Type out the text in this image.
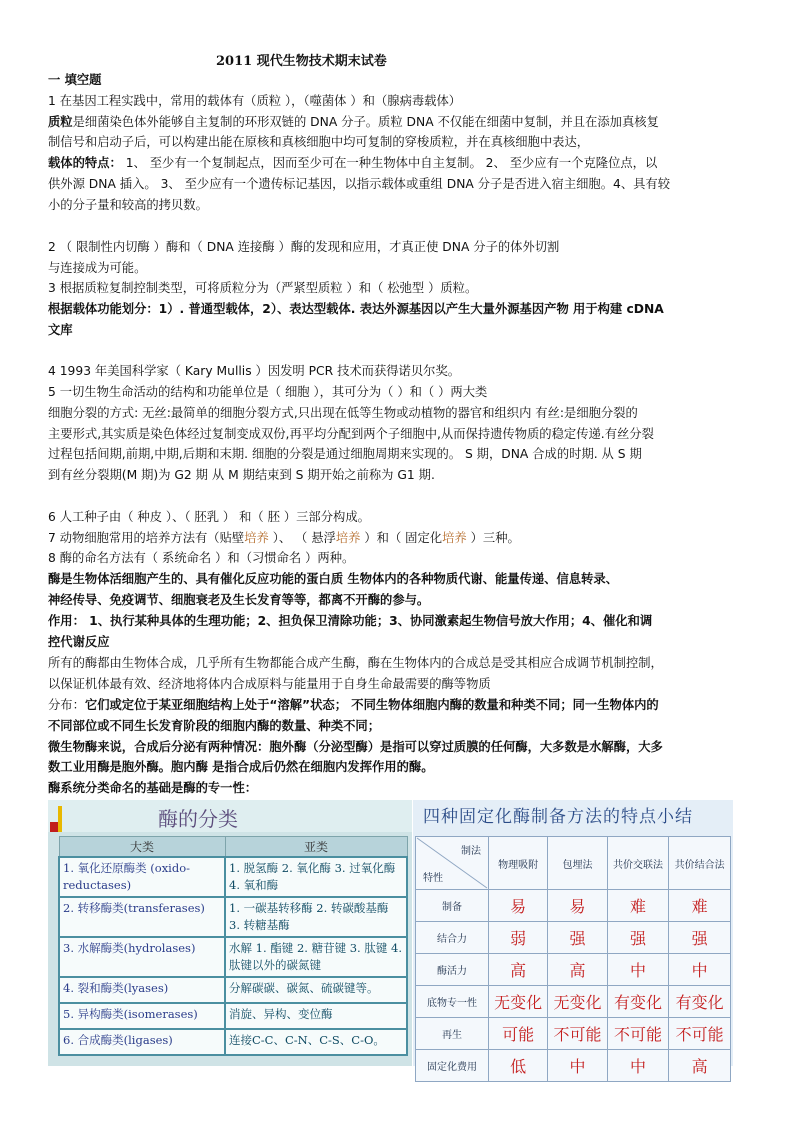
2011 现代生物技术期末试卷
一 填空题
1 在基因工程实践中，常用的载体有（质粒 ），（噬菌体 ）和（腺病毒载体）
质粒是细菌染色体外能够自主复制的环形双链的 DNA 分子。质粒 DNA 不仅能在细菌中复制，并且在添加真核复
制信号和启动子后，可以构建出能在原核和真核细胞中均可复制的穿梭质粒，并在真核细胞中表达，
载体的特点： 1、 至少有一个复制起点，因而至少可在一种生物体中自主复制。 2、 至少应有一个克隆位点，以
供外源 DNA 插入。 3、 至少应有一个遗传标记基因，以指示载体或重组 DNA 分子是否进入宿主细胞。4、具有较
小的分子量和较高的拷贝数。
2 （ 限制性内切酶 ）酶和（ DNA 连接酶 ）酶的发现和应用，才真正使 DNA 分子的体外切割
与连接成为可能。
3 根据质粒复制控制类型，可将质粒分为（严紧型质粒 ）和（ 松弛型 ）质粒。
根据载体功能划分：1）. 普通型载体，2）、表达型载体. 表达外源基因以产生大量外源基因产物 用于构建 cDNA
文库
4 1993 年美国科学家（ Kary Mullis ）因发明 PCR 技术而获得诺贝尔奖。
5 一切生物生命活动的结构和功能单位是（ 细胞 ），其可分为（ ）和（ ）两大类
细胞分裂的方式: 无丝:最简单的细胞分裂方式,只出现在低等生物或动植物的器官和组织内 有丝:是细胞分裂的
主要形式,其实质是染色体经过复制变成双份,再平均分配到两个子细胞中,从而保持遗传物质的稳定传递.有丝分裂
过程包括间期,前期,中期,后期和末期. 细胞的分裂是通过细胞周期来实现的。 S 期，DNA 合成的时期. 从 S 期
到有丝分裂期(M 期)为 G2 期 从 M 期结束到 S 期开始之前称为 G1 期.
6 人工种子由（ 种皮 ）、（ 胚乳 ） 和（ 胚 ）三部分构成。
7 动物细胞常用的培养方法有（贴壁培养 ）、 （ 悬浮培养 ）和（ 固定化培养 ）三种。
8 酶的命名方法有（ 系统命名 ）和（习惯命名 ）两种。
酶是生物体活细胞产生的、具有催化反应功能的蛋白质 生物体内的各种物质代谢、能量传递、信息转录、
神经传导、免疫调节、细胞衰老及生长发育等等，都离不开酶的参与。
作用： 1、执行某种具体的生理功能；2、担负保卫清除功能；3、协同激素起生物信号放大作用；4、催化和调
控代谢反应
所有的酶都由生物体合成，几乎所有生物都能合成产生酶，酶在生物体内的合成总是受其相应合成调节机制控制，
以保证机体最有效、经济地将体内合成原料与能量用于自身生命最需要的酶等物质
分布：它们或定位于某亚细胞结构上处于“溶解”状态； 不同生物体细胞内酶的数量和种类不同；同一生物体内的
不同部位或不同生长发育阶段的细胞内酶的数量、种类不同；
微生物酶来说，合成后分泌有两种情况：胞外酶（分泌型酶）是指可以穿过质膜的任何酶，大多数是水解酶，大多
数工业用酶是胞外酶。胞内酶 是指合成后仍然在细胞内发挥作用的酶。
酶系统分类命名的基础是酶的专一性：
酶的分类
大类	亚类
1. 氧化还原酶类 (oxido-reductases)	1. 脱氢酶 2. 氧化酶 3. 过氧化酶 4. 氧和酶
2. 转移酶类(transferases)	1. 一碳基转移酶 2. 转碳酸基酶 3. 转糖基酶
3. 水解酶类(hydrolases)	水解 1. 酯键 2. 糖苷键 3. 肽键 4. 肽键以外的碳氮键
4. 裂和酶类(lyases)	分解碳碳、碳氮、硫碳键等。
5. 异构酶类(isomerases)	消旋、异构、变位酶
6. 合成酶类(ligases)	连接C-C、C-N、C-S、C-O。
四种固定化酶制备方法的特点小结
制法
特性	物理吸附	包埋法	共价交联法	共价结合法
制备	易	易	难	难
结合力	弱	强	强	强
酶活力	高	高	中	中
底物专一性	无变化	无变化	有变化	有变化
再生	可能	不可能	不可能	不可能
固定化费用	低	中	中	高
